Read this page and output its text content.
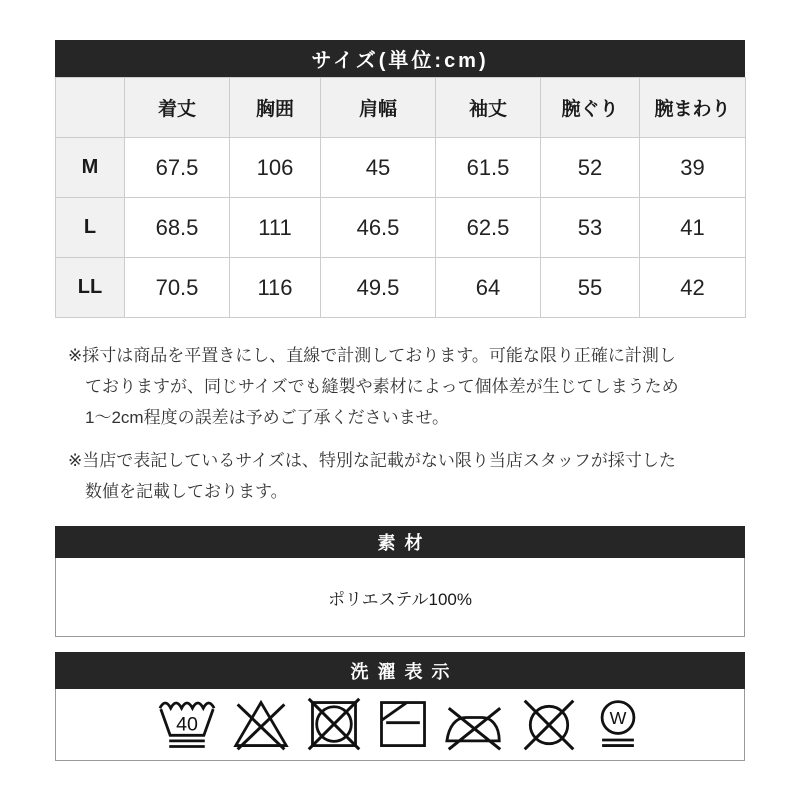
サイズ(単位:cm)
	着丈	胸囲	肩幅	袖丈	腕ぐり	腕まわり
M	67.5	106	45	61.5	52	39
L	68.5	111	46.5	62.5	53	41
LL	70.5	116	49.5	64	55	42
※採寸は商品を平置きにし、直線で計測しております。可能な限り正確に計測し
ておりますが、同じサイズでも縫製や素材によって個体差が生じてしまうため
1〜2cm程度の誤差は予めご了承くださいませ。
※当店で表記しているサイズは、特別な記載がない限り当店スタッフが採寸した
数値を記載しております。
素材
ポリエステル100%
洗濯表示
40	W
